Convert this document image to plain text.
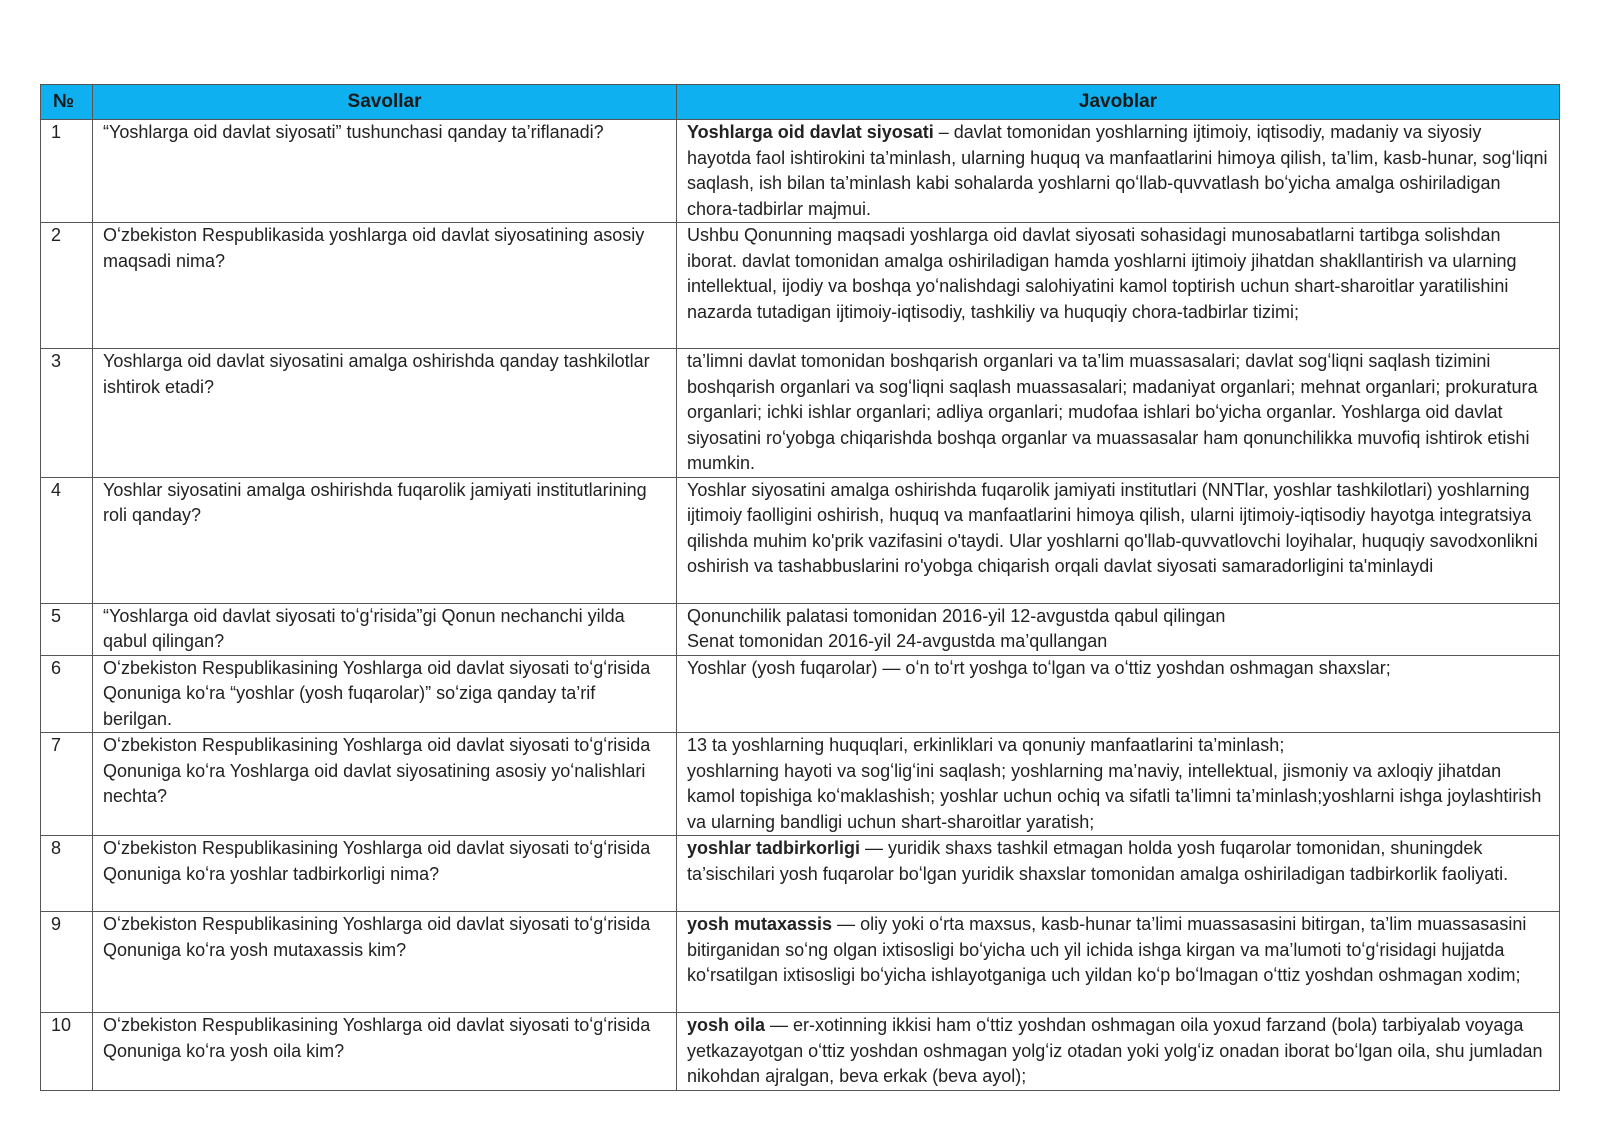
№	Savollar	Javoblar
1	“Yoshlarga oid davlat siyosati” tushunchasi qanday ta’riflanadi?	Yoshlarga oid davlat siyosati – davlat tomonidan yoshlarning ijtimoiy, iqtisodiy, madaniy va siyosiy hayotda faol ishtirokini ta’minlash, ularning huquq va manfaatlarini himoya qilish, ta’lim, kasb-hunar, sogʻliqni saqlash, ish bilan ta’minlash kabi sohalarda yoshlarni qoʻllab-quvvatlash boʻyicha amalga oshiriladigan chora-tadbirlar majmui.
2	Oʻzbekiston Respublikasida yoshlarga oid davlat siyosatining asosiy maqsadi nima?	Ushbu Qonunning maqsadi yoshlarga oid davlat siyosati sohasidagi munosabatlarni tartibga solishdan iborat. davlat tomonidan amalga oshiriladigan hamda yoshlarni ijtimoiy jihatdan shakllantirish va ularning intellektual, ijodiy va boshqa yoʻnalishdagi salohiyatini kamol toptirish uchun shart-sharoitlar yaratilishini nazarda tutadigan ijtimoiy-iqtisodiy, tashkiliy va huquqiy chora-tadbirlar tizimi;
3	Yoshlarga oid davlat siyosatini amalga oshirishda qanday tashkilotlar ishtirok etadi?	ta’limni davlat tomonidan boshqarish organlari va ta’lim muassasalari; davlat sogʻliqni saqlash tizimini boshqarish organlari va sogʻliqni saqlash muassasalari; madaniyat organlari; mehnat organlari; prokuratura organlari; ichki ishlar organlari; adliya organlari; mudofaa ishlari boʻyicha organlar. Yoshlarga oid davlat siyosatini roʻyobga chiqarishda boshqa organlar va muassasalar ham qonunchilikka muvofiq ishtirok etishi mumkin.
4	Yoshlar siyosatini amalga oshirishda fuqarolik jamiyati institutlarining roli qanday?	Yoshlar siyosatini amalga oshirishda fuqarolik jamiyati institutlari (NNTlar, yoshlar tashkilotlari) yoshlarning ijtimoiy faolligini oshirish, huquq va manfaatlarini himoya qilish, ularni ijtimoiy-iqtisodiy hayotga integratsiya qilishda muhim ko'prik vazifasini o'taydi. Ular yoshlarni qo'llab-quvvatlovchi loyihalar, huquqiy savodxonlikni oshirish va tashabbuslarini ro'yobga chiqarish orqali davlat siyosati samaradorligini ta'minlaydi
5	“Yoshlarga oid davlat siyosati toʻgʻrisida”gi Qonun nechanchi yilda qabul qilingan?	Qonunchilik palatasi tomonidan 2016-yil 12-avgustda qabul qilingan
Senat tomonidan 2016-yil 24-avgustda ma’qullangan

6	Oʻzbekiston Respublikasining Yoshlarga oid davlat siyosati toʻgʻrisida Qonuniga koʻra “yoshlar (yosh fuqarolar)” soʻziga qanday ta’rif berilgan.	Yoshlar (yosh fuqarolar) — oʻn toʻrt yoshga toʻlgan va oʻttiz yoshdan oshmagan shaxslar;
7	Oʻzbekiston Respublikasining Yoshlarga oid davlat siyosati toʻgʻrisida Qonuniga koʻra Yoshlarga oid davlat siyosatining asosiy yoʻnalishlari nechta?	13 ta yoshlarning huquqlari, erkinliklari va qonuniy manfaatlarini ta’minlash;
yoshlarning hayoti va sogʻligʻini saqlash; yoshlarning ma’naviy, intellektual, jismoniy va axloqiy jihatdan kamol topishiga koʻmaklashish; yoshlar uchun ochiq va sifatli ta’limni ta’minlash;yoshlarni ishga joylashtirish va ularning bandligi uchun shart-sharoitlar yaratish;

8	Oʻzbekiston Respublikasining Yoshlarga oid davlat siyosati toʻgʻrisida Qonuniga koʻra yoshlar tadbirkorligi nima?	yoshlar tadbirkorligi — yuridik shaxs tashkil etmagan holda yosh fuqarolar tomonidan, shuningdek ta’sischilari yosh fuqarolar boʻlgan yuridik shaxslar tomonidan amalga oshiriladigan tadbirkorlik faoliyati.
9	Oʻzbekiston Respublikasining Yoshlarga oid davlat siyosati toʻgʻrisida Qonuniga koʻra yosh mutaxassis kim?	yosh mutaxassis — oliy yoki oʻrta maxsus, kasb-hunar ta’limi muassasasini bitirgan, ta’lim muassasasini bitirganidan soʻng olgan ixtisosligi boʻyicha uch yil ichida ishga kirgan va ma’lumoti toʻgʻrisidagi hujjatda koʻrsatilgan ixtisosligi boʻyicha ishlayotganiga uch yildan koʻp boʻlmagan oʻttiz yoshdan oshmagan xodim;
10	Oʻzbekiston Respublikasining Yoshlarga oid davlat siyosati toʻgʻrisida Qonuniga koʻra yosh oila kim?	yosh oila — er-xotinning ikkisi ham oʻttiz yoshdan oshmagan oila yoxud farzand (bola) tarbiyalab voyaga yetkazayotgan oʻttiz yoshdan oshmagan yolgʻiz otadan yoki yolgʻiz onadan iborat boʻlgan oila, shu jumladan nikohdan ajralgan, beva erkak (beva ayol);
